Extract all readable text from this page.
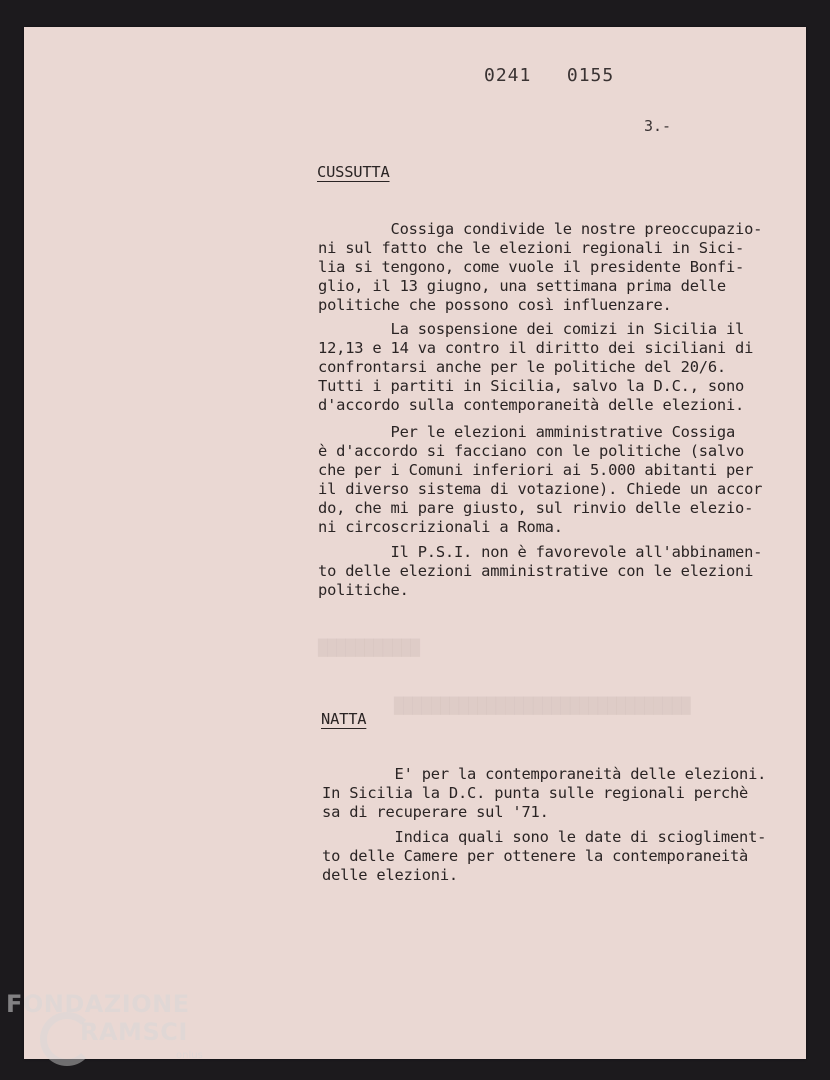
0241   0155
3.-
CUSSUTTA
Cossiga condivide le nostre preoccupazio-
ni sul fatto che le elezioni regionali in Sici-
lia si tengono, come vuole il presidente Bonfi-
glio, il 13 giugno, una settimana prima delle
politiche che possono così influenzare.
La sospensione dei comizi in Sicilia il
12,13 e 14 va contro il diritto dei siciliani di
confrontarsi anche per le politiche del 20/6.
Tutti i partiti in Sicilia, salvo la D.C., sono
d'accordo sulla contemporaneità delle elezioni.
Per le elezioni amministrative Cossiga
è d'accordo si facciano con le politiche (salvo
che per i Comuni inferiori ai 5.000 abitanti per
il diverso sistema di votazione). Chiede un accor
do, che mi pare giusto, sul rinvio delle elezio-
ni circoscrizionali a Roma.
Il P.S.I. non è favorevole all'abbinamen-
to delle elezioni amministrative con le elezioni
politiche.
███████████
████████████████████████████████
NATTA
E' per la contemporaneità delle elezioni.
In Sicilia la D.C. punta sulle regionali perchè
sa di recuperare sul '71.
Indica quali sono le date di sciogliment-
to delle Camere per ottenere la contemporaneità
delle elezioni.
FONDAZIONE
RAMSCI
onlus
